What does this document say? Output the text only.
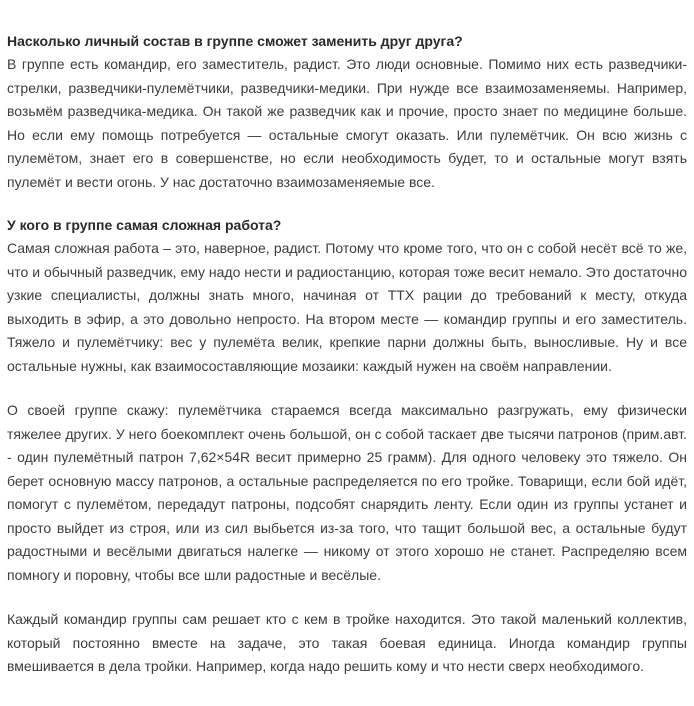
Насколько личный состав в группе сможет заменить друг друга?

В группе есть командир, его заместитель, радист. Это люди основные. Помимо них есть разведчики-стрелки, разведчики-пулемётчики, разведчики-медики. При нужде все взаимозаменяемы. Например, возьмём разведчика-медика. Он такой же разведчик как и прочие, просто знает по медицине больше. Но если ему помощь потребуется — остальные смогут оказать. Или пулемётчик. Он всю жизнь с пулемётом, знает его в совершенстве, но если необходимость будет, то и остальные могут взять пулемёт и вести огонь. У нас достаточно взаимозаменяемые все.

У кого в группе самая сложная работа?

Самая сложная работа – это, наверное, радист. Потому что кроме того, что он с собой несёт всё то же, что и обычный разведчик, ему надо нести и радиостанцию, которая тоже весит немало. Это достаточно узкие специалисты, должны знать много, начиная от ТТХ рации до требований к месту, откуда выходить в эфир, а это довольно непросто. На втором месте — командир группы и его заместитель. Тяжело и пулемётчику: вес у пулемёта велик, крепкие парни должны быть, выносливые. Ну и все остальные нужны, как взаимосоставляющие мозаики: каждый нужен на своём направлении.

О своей группе скажу: пулемётчика стараемся всегда максимально разгружать, ему физически тяжелее других. У него боекомплект очень большой, он с собой таскает две тысячи патронов (прим.авт. - один пулемётный патрон 7,62×54R весит примерно 25 грамм). Для одного человеку это тяжело. Он берет основную массу патронов, а остальные распределяется по его тройке. Товарищи, если бой идёт, помогут с пулемётом, передадут патроны, подсобят снарядить ленту. Если один из группы устанет и просто выйдет из строя, или из сил выбьется из-за того, что тащит большой вес, а остальные будут радостными и весёлыми двигаться налегке — никому от этого хорошо не станет. Распределяю всем помногу и поровну, чтобы все шли радостные и весёлые.

Каждый командир группы сам решает кто с кем в тройке находится. Это такой маленький коллектив, который постоянно вместе на задаче, это такая боевая единица. Иногда командир группы вмешивается в дела тройки. Например, когда надо решить кому и что нести сверх необходимого.
